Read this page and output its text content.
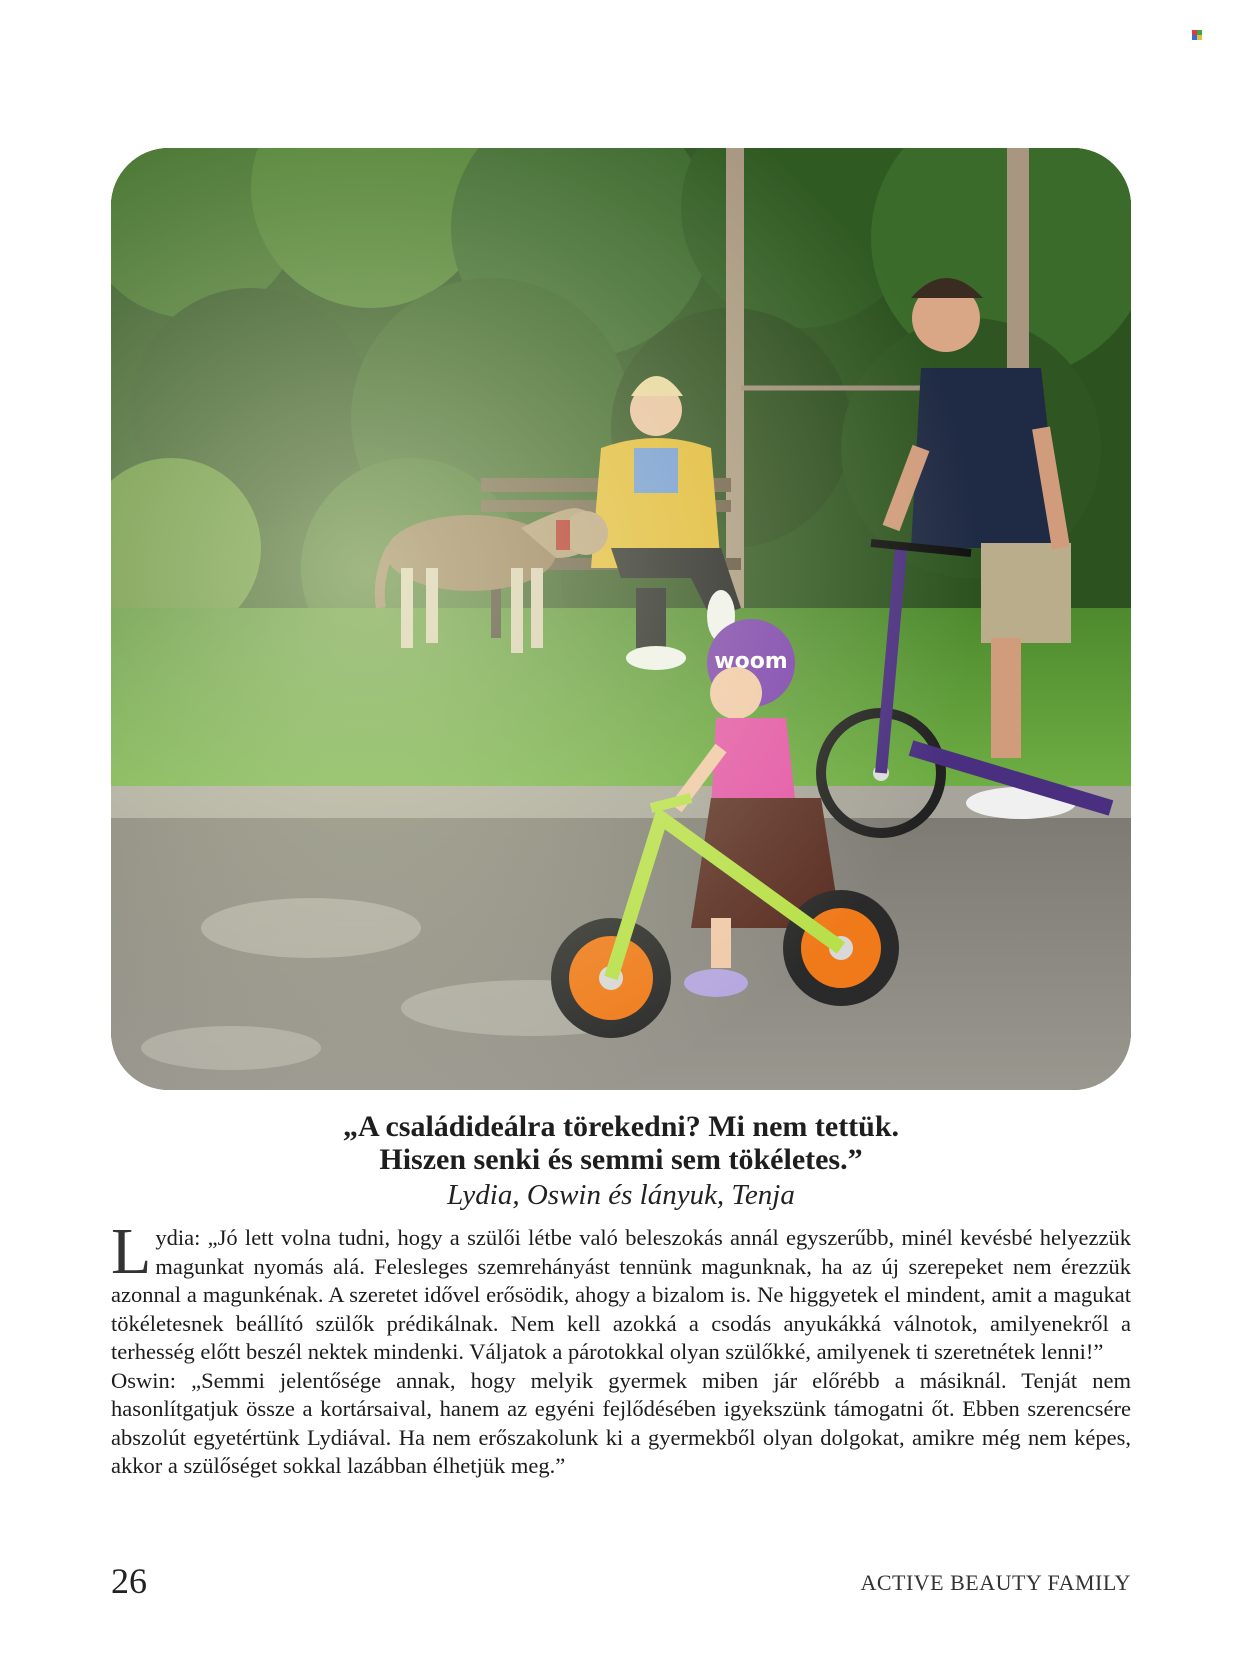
„A családideálra törekedni? Mi nem tettük.
Hiszen senki és semmi sem tökéletes.”
Lydia, Oswin és lányuk, Tenja

Lydia: „Jó lett volna tudni, hogy a szülői létbe való beleszokás annál egyszerűbb, minél kevésbé helyezzük magunkat nyomás alá. Felesleges szemrehányást tennünk magunknak, ha az új szerepeket nem érezzük azonnal a magunkénak. A szeretet idővel erősödik, ahogy a bizalom is. Ne higgyetek el mindent, amit a magukat tökéletesnek beállító szülők prédikálnak. Nem kell azokká a csodás anyukákká válnotok, amilyenekről a terhesség előtt beszél nektek mindenki. Váljatok a párotokkal olyan szülőkké, amilyenek ti szeretnétek lenni!”

Oswin: „Semmi jelentősége annak, hogy melyik gyermek miben jár előrébb a másiknál. Tenját nem hasonlítgatjuk össze a kortársaival, hanem az egyéni fejlődésében igyekszünk támogatni őt. Ebben szerencsére abszolút egyetértünk Lydiával. Ha nem erőszakolunk ki a gyermekből olyan dolgokat, amikre még nem képes, akkor a szülőséget sokkal lazábban élhetjük meg.”

26	ACTIVE BEAUTY FAMILY
